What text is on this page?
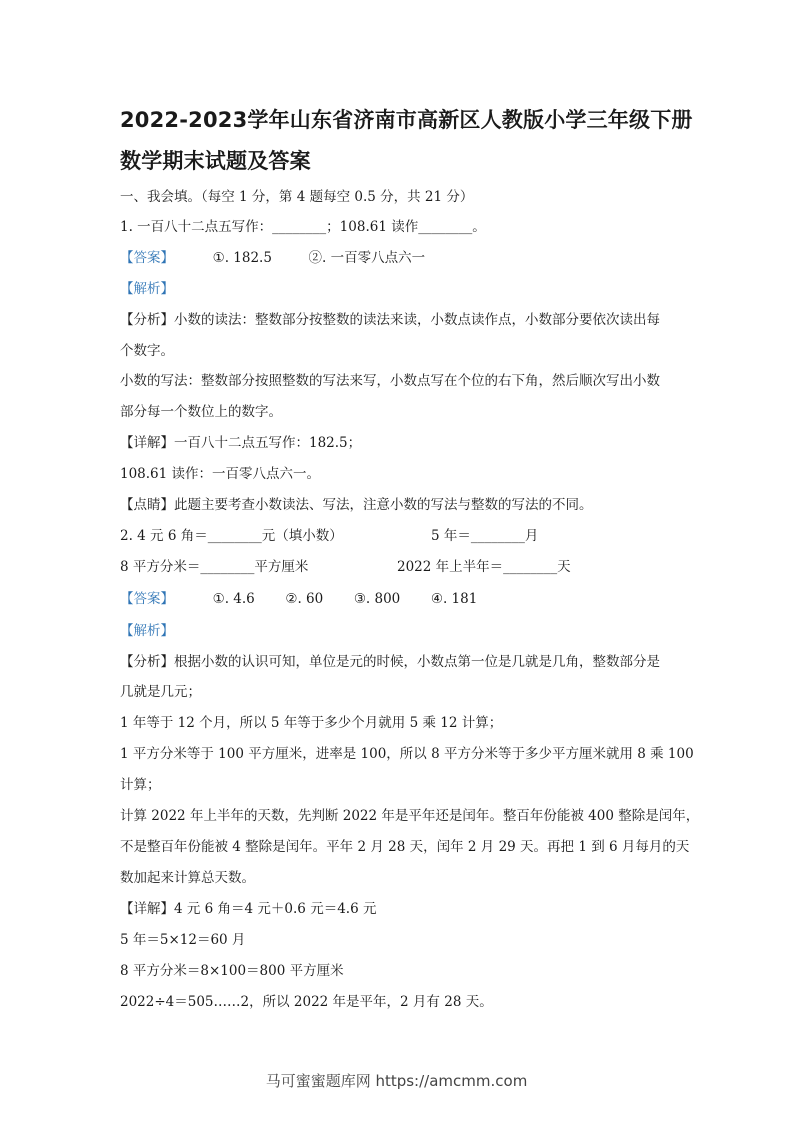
2022-2023学年山东省济南市高新区人教版小学三年级下册
数学期末试题及答案
一、我会填。（每空 1 分，第 4 题每空 0.5 分，共 21 分）
1. 一百八十二点五写作：________；108.61 读作________。
【答案】	①. 182.5	②. 一百零八点六一
【解析】
【分析】小数的读法：整数部分按整数的读法来读，小数点读作点，小数部分要依次读出每
个数字。
小数的写法：整数部分按照整数的写法来写，小数点写在个位的右下角，然后顺次写出小数
部分每一个数位上的数字。
【详解】一百八十二点五写作：182.5；
108.61 读作：一百零八点六一。
【点睛】此题主要考查小数读法、写法，注意小数的写法与整数的写法的不同。
2. 4 元 6 角＝________元（填小数）	5 年＝________月
8 平方分米＝________平方厘米	2022 年上半年＝________天
【答案】	①. 4.6 ②. 60 ③. 800 ④. 181
【解析】
【分析】根据小数的认识可知，单位是元的时候，小数点第一位是几就是几角，整数部分是
几就是几元；
1 年等于 12 个月，所以 5 年等于多少个月就用 5 乘 12 计算；
1 平方分米等于 100 平方厘米，进率是 100，所以 8 平方分米等于多少平方厘米就用 8 乘 100
计算；
计算 2022 年上半年的天数，先判断 2022 年是平年还是闰年。整百年份能被 400 整除是闰年，
不是整百年份能被 4 整除是闰年。平年 2 月 28 天，闰年 2 月 29 天。再把 1 到 6 月每月的天
数加起来计算总天数。
【详解】4 元 6 角＝4 元＋0.6 元＝4.6 元
5 年＝5×12＝60 月
8 平方分米＝8×100＝800 平方厘米
2022÷4＝505……2，所以 2022 年是平年，2 月有 28 天。
马可蜜蜜题库网 https://amcmm.com
